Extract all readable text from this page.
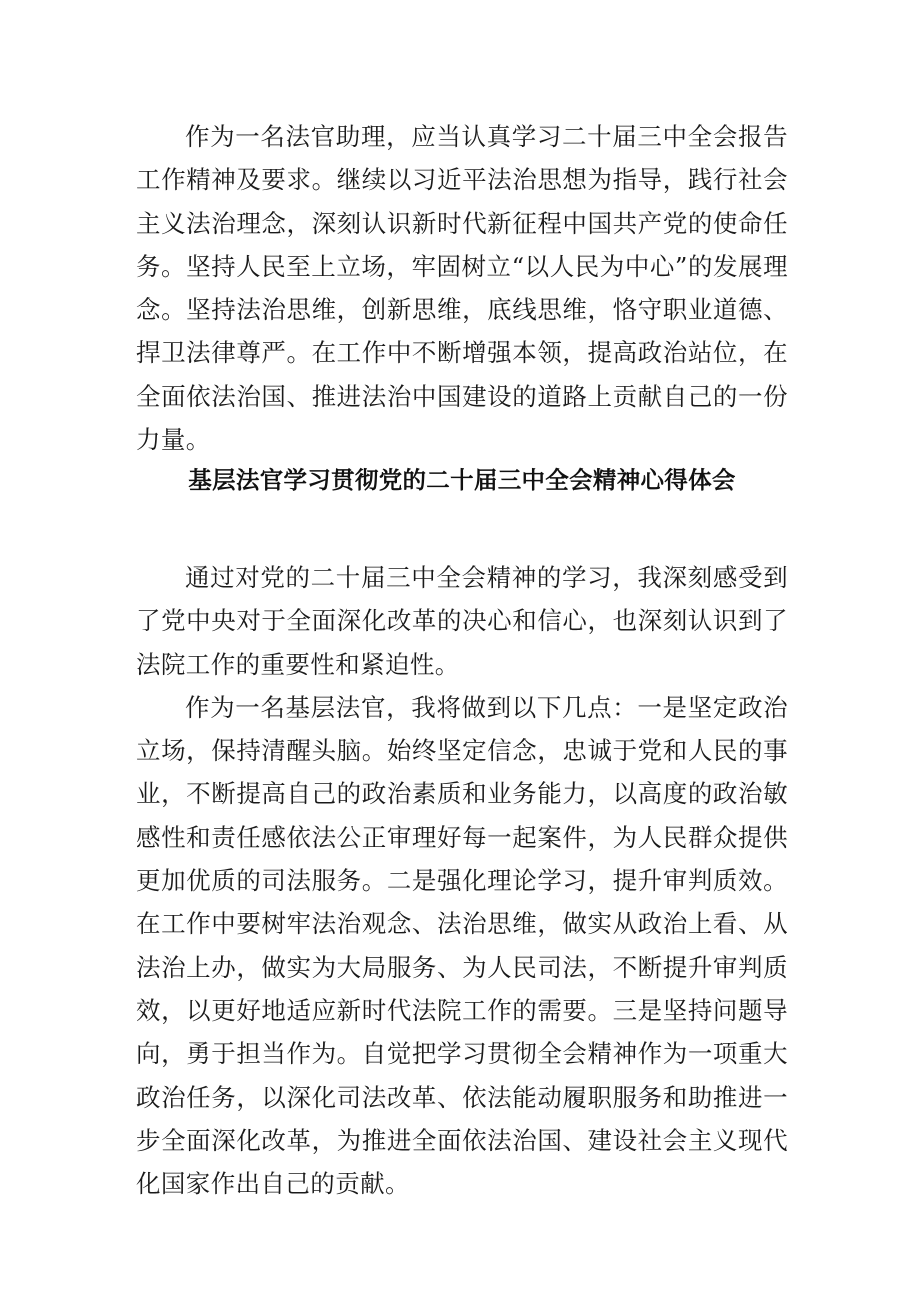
作为一名法官助理，应当认真学习二十届三中全会报告工作精神及要求。继续以习近平法治思想为指导，践行社会主义法治理念，深刻认识新时代新征程中国共产党的使命任务。坚持人民至上立场，牢固树立“以人民为中心”的发展理念。坚持法治思维，创新思维，底线思维，恪守职业道德、捍卫法律尊严。在工作中不断增强本领，提高政治站位，在全面依法治国、推进法治中国建设的道路上贡献自己的一份力量。

基层法官学习贯彻党的二十届三中全会精神心得体会

通过对党的二十届三中全会精神的学习，我深刻感受到了党中央对于全面深化改革的决心和信心，也深刻认识到了法院工作的重要性和紧迫性。

作为一名基层法官，我将做到以下几点：一是坚定政治立场，保持清醒头脑。始终坚定信念，忠诚于党和人民的事业，不断提高自己的政治素质和业务能力，以高度的政治敏感性和责任感依法公正审理好每一起案件，为人民群众提供更加优质的司法服务。二是强化理论学习，提升审判质效。在工作中要树牢法治观念、法治思维，做实从政治上看、从法治上办，做实为大局服务、为人民司法，不断提升审判质效，以更好地适应新时代法院工作的需要。三是坚持问题导向，勇于担当作为。自觉把学习贯彻全会精神作为一项重大政治任务，以深化司法改革、依法能动履职服务和助推进一步全面深化改革，为推进全面依法治国、建设社会主义现代化国家作出自己的贡献。
